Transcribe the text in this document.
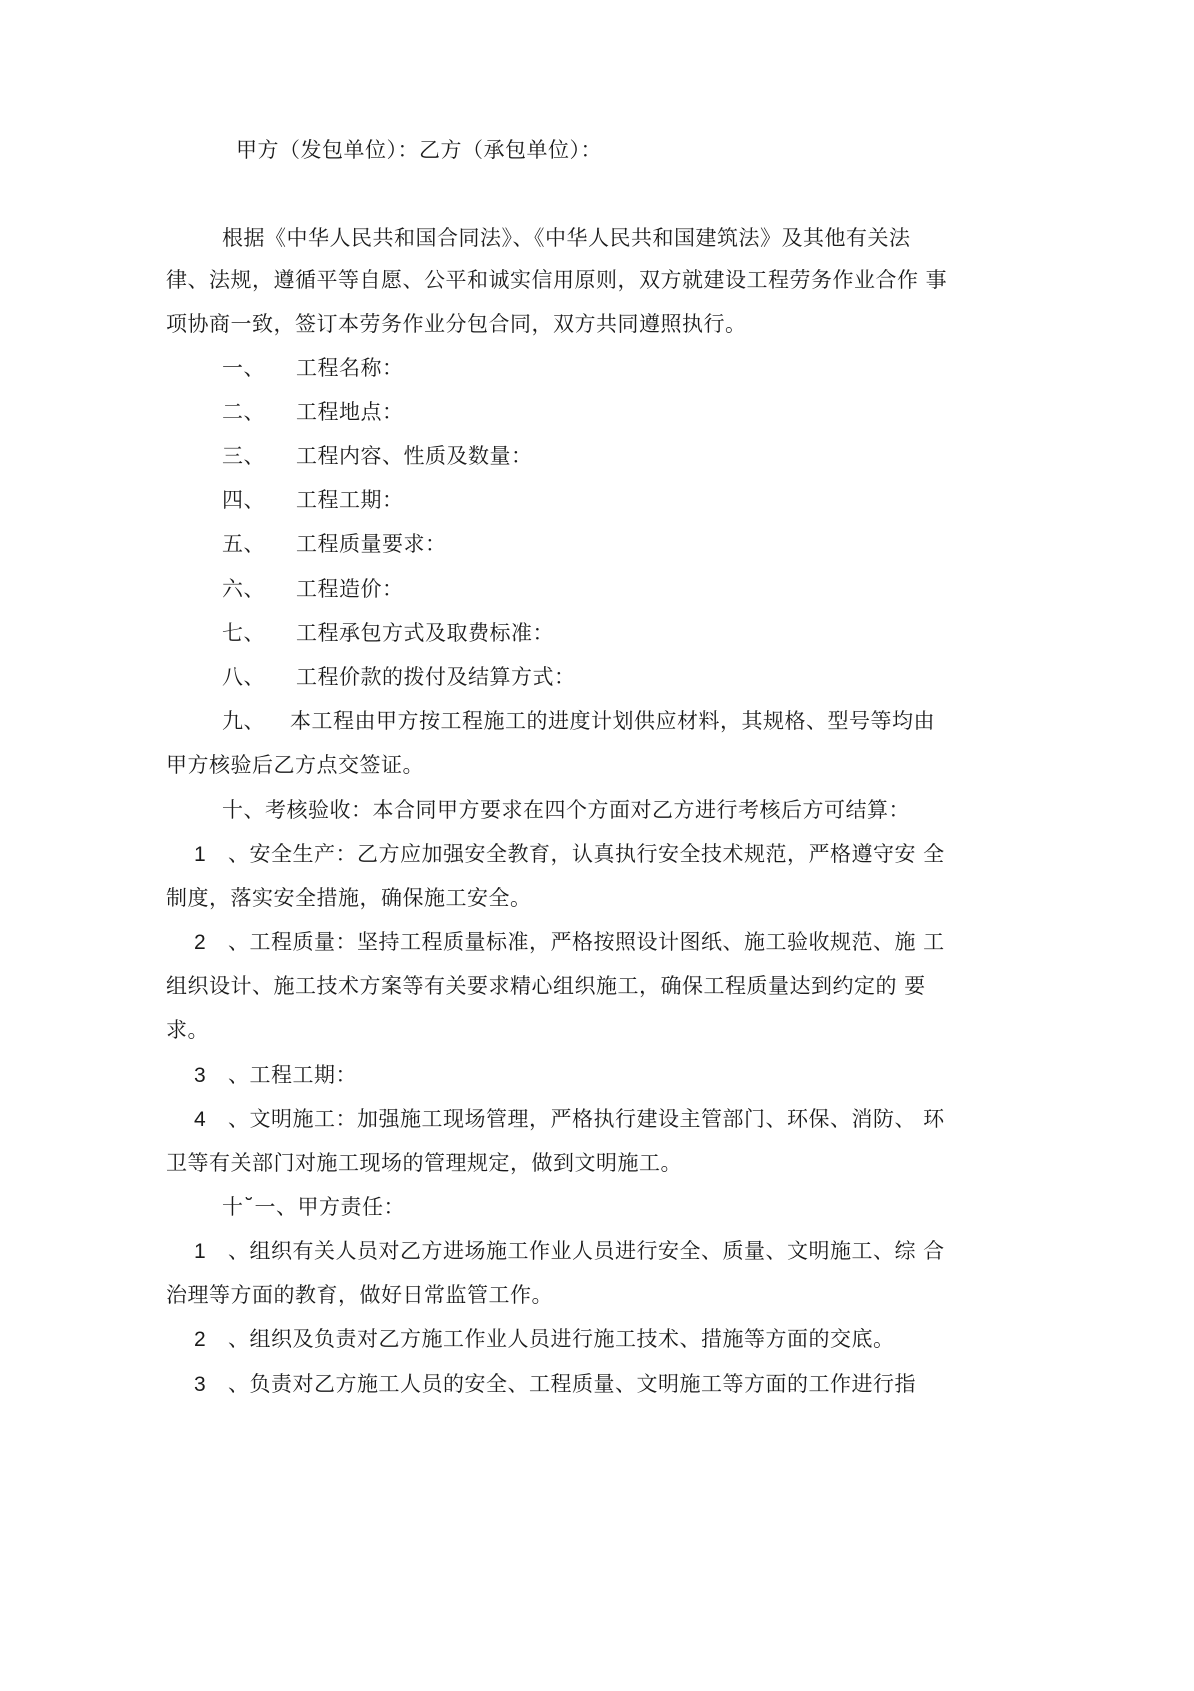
甲方（发包单位）：乙方（承包单位）：
根据《中华人民共和国合同法》、《中华人民共和国建筑法》及其他有关法
律、法规，遵循平等自愿、公平和诚实信用原则，双方就建设工程劳务作业合作 事
项协商一致，签订本劳务作业分包合同，双方共同遵照执行。
一、 工程名称：
二、 工程地点：
三、 工程内容、性质及数量：
四、 工程工期：
五、 工程质量要求：
六、 工程造价：
七、 工程承包方式及取费标准：
八、 工程价款的拨付及结算方式：
九、 本工程由甲方按工程施工的进度计划供应材料，其规格、型号等均由
甲方核验后乙方点交签证。
十、考核验收：本合同甲方要求在四个方面对乙方进行考核后方可结算：
1 、安全生产：乙方应加强安全教育，认真执行安全技术规范，严格遵守安 全
制度，落实安全措施，确保施工安全。
2 、工程质量：坚持工程质量标准，严格按照设计图纸、施工验收规范、施 工
组织设计、施工技术方案等有关要求精心组织施工，确保工程质量达到约定的 要
求。
3 、工程工期：
4 、文明施工：加强施工现场管理，严格执行建设主管部门、环保、消防、 环
卫等有关部门对施工现场的管理规定，做到文明施工。
十˘一、甲方责任：
1 、组织有关人员对乙方进场施工作业人员进行安全、质量、文明施工、综 合
治理等方面的教育，做好日常监管工作。
2 、组织及负责对乙方施工作业人员进行施工技术、措施等方面的交底。
3 、负责对乙方施工人员的安全、工程质量、文明施工等方面的工作进行指
